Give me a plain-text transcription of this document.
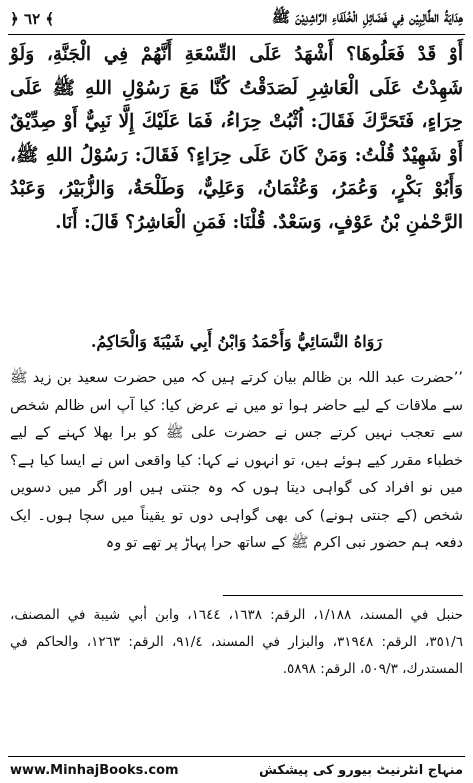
هِدَايَةُ الطَّالِبِيْن فِي فَضَائِلِ الْخُلَفَاءِ الرَّاشِدِيْنَ ﷺ
﴿ ٦٢ ﴾

أَوْ قَدْ فَعَلُوهَا؟ أَشْهَدُ عَلَى التِّسْعَةِ أَنَّهُمْ فِي الْجَنَّةِ، وَلَوْ شَهِدْتُ عَلَى الْعَاشِرِ لَصَدَقْتُ كُنَّا مَعَ رَسُوْلِ اللهِ ﷺ عَلَى حِرَاءٍ، فَتَحَرَّكَ فَقَالَ: اُثْبُتْ حِرَاءُ، فَمَا عَلَيْكَ إِلَّا نَبِيٌّ أَوْ صِدِّيْقٌ أَوْ شَهِيْدٌ قُلْتُ: وَمَنْ كَانَ عَلَى حِرَاءٍ؟ فَقَالَ: رَسُوْلُ اللهِ ﷺ، وَأَبُوْ بَكْرٍ، وَعُمَرُ، وَعُثْمَانُ، وَعَلِيٌّ، وَطَلْحَةُ، وَالزُّبَيْرُ، وَعَبْدُ الرَّحْمٰنِ بْنُ عَوْفٍ، وَسَعْدٌ. قُلْنَا: فَمَنِ الْعَاشِرُ؟ قَالَ: أَنَا.

رَوَاهُ النَّسَائِيُّ وَأَحْمَدُ وَابْنُ أَبِي شَيْبَةَ وَالْحَاكِمُ.

’’حضرت عبد اللہ بن ظالم بیان کرتے ہیں کہ میں حضرت سعید بن زید ﷺ سے ملاقات کے لیے حاضر ہوا تو میں نے عرض کیا: کیا آپ اس ظالم شخص سے تعجب نہیں کرتے جس نے حضرت علی ﷺ کو برا بھلا کہنے کے لیے خطباء مقرر کیے ہوئے ہیں، تو انہوں نے کہا: کیا واقعی اس نے ایسا کیا ہے؟ میں نو افراد کی گواہی دیتا ہوں کہ وہ جنتی ہیں اور اگر میں دسویں شخص (کے جنتی ہونے) کی بھی گواہی دوں تو یقیناً میں سچا ہوں۔ ایک دفعہ ہم حضور نبی اکرم ﷺ کے ساتھ حرا پہاڑ پر تھے تو وہ

حنبل في المسند، ١/١٨٨، الرقم: ١٦٣٨، ١٦٤٤، وابن أبي شيبة في المصنف، ٣٥١/٦، الرقم: ٣١٩٤٨، والبزار في المسند، ٩١/٤، الرقم: ١٢٦٣، والحاكم في المستدرك، ٥٠٩/٣، الرقم: ٥٨٩٨.

www.MinhajBooks.com	منہاج انٹرنیٹ بیورو کی پیشکش
